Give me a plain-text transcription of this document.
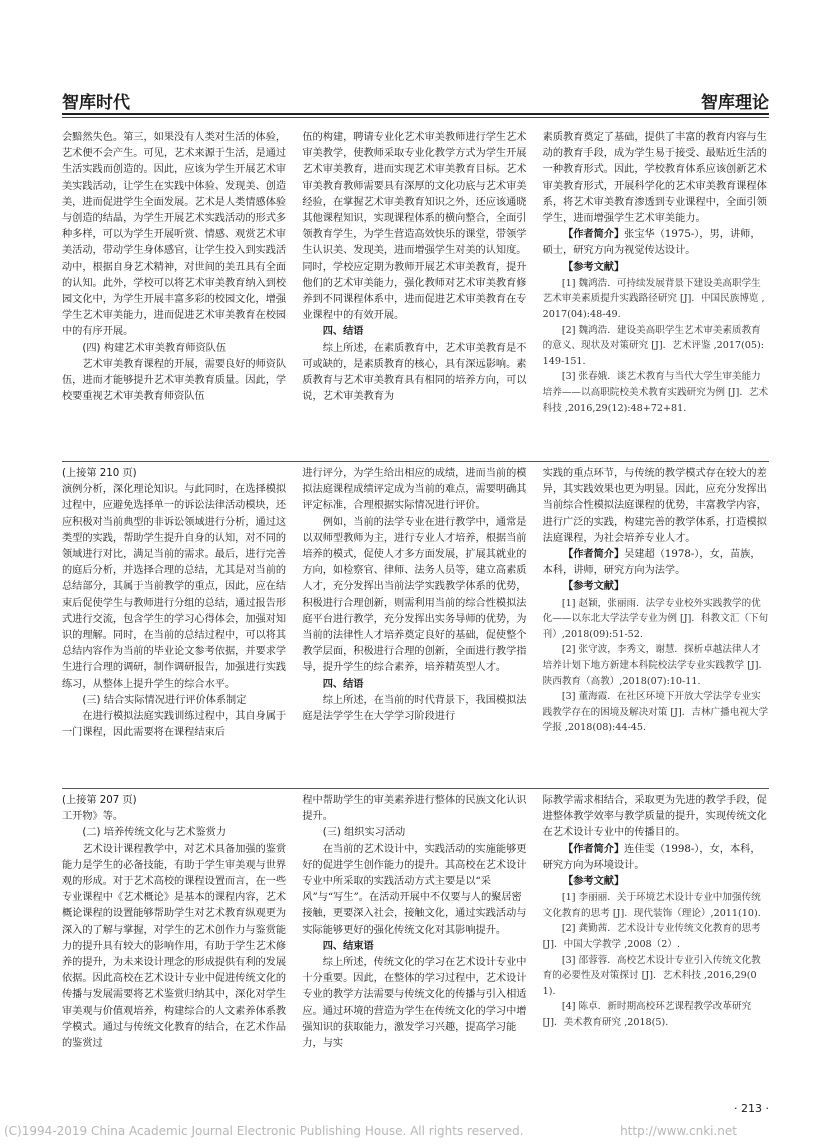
智库时代	智库理论

会黯然失色。第三，如果没有人类对生活的体验，艺术便不会产生。可见，艺术来源于生活，是通过生活实践而创造的。因此，应该为学生开展艺术审美实践活动，让学生在实践中体验、发现美、创造美，进而促进学生全面发展。艺术是人类情感体验与创造的结晶，为学生开展艺术实践活动的形式多种多样，可以为学生开展听赏、情感、观赏艺术审美活动，带动学生身体感官，让学生投入到实践活动中，根据自身艺术精神，对世间的美丑具有全面的认知。此外，学校可以将艺术审美教育纳入到校园文化中，为学生开展丰富多彩的校园文化，增强学生艺术审美能力，进而促进艺术审美教育在校园中的有序开展。

(四) 构建艺术审美教育师资队伍

艺术审美教育课程的开展，需要良好的师资队伍，进而才能够提升艺术审美教育质量。因此，学校要重视艺术审美教育师资队伍

伍的构建，聘请专业化艺术审美教师进行学生艺术审美教学，使教师采取专业化教学方式为学生开展艺术审美教育，进而实现艺术审美教育目标。艺术审美教育教师需要具有深厚的文化功底与艺术审美经验，在掌握艺术审美教育知识之外，还应该通晓其他课程知识，实现课程体系的横向整合，全面引领教育学生，为学生营造高效快乐的课堂，带领学生认识美、发现美，进而增强学生对美的认知度。同时，学校应定期为教师开展艺术审美教育，提升他们的艺术审美能力，强化教师对艺术审美教育修养到不同课程体系中，进而促进艺术审美教育在专业课程中的有效开展。

四、结语

综上所述，在素质教育中，艺术审美教育是不可或缺的，是素质教育的核心，具有深远影响。素质教育与艺术审美教育具有相同的培养方向，可以说，艺术审美教育为

素质教育奠定了基础，提供了丰富的教育内容与生动的教育手段，成为学生易于接受、最贴近生活的一种教育形式。因此，学校教育体系应该创新艺术审美教育形式，开展科学化的艺术审美教育课程体系，将艺术审美教育渗透到专业课程中，全面引领学生，进而增强学生艺术审美能力。

【作者简介】张宝华（1975-），男，讲师，硕士，研究方向为视觉传达设计。

【参考文献】

[1] 魏鸿浩．可持续发展背景下建设美高职学生艺术审美素质提升实践路径研究 [J]．中国民族博览 ,2017(04):48-49.

[2] 魏鸿浩．建设美高职学生艺术审美素质教育的意义、现状及对策研究 [J]．艺术评鉴 ,2017(05):149-151.

[3] 张春娥．谈艺术教育与当代大学生审美能力培养——以高职院校美术教育实践研究为例 [J]．艺术科技 ,2016,29(12):48+72+81.

(上接第 210 页)

演例分析，深化理论知识。与此同时，在选择模拟过程中，应避免选择单一的诉讼法律活动模块，还应积极对当前典型的非诉讼领域进行分析，通过这类型的实践，帮助学生提升自身的认知，对不同的领域进行对比，满足当前的需求。最后，进行完善的庭后分析，并选择合理的总结，尤其是对当前的总结部分，其属于当前教学的重点，因此，应在结束后促使学生与教师进行分组的总结，通过报告形式进行交流，包含学生的学习心得体会，加强对知识的理解。同时，在当前的总结过程中，可以将其总结内容作为当前的毕业论文参考依据，并要求学生进行合理的调研，制作调研报告，加强进行实践练习，从整体上提升学生的综合水平。

(三) 结合实际情况进行评价体系制定

在进行模拟法庭实践训练过程中，其自身属于一门课程，因此需要将在课程结束后

进行评分，为学生给出相应的成绩，进而当前的模拟法庭课程成绩评定成为当前的难点，需要明确其评定标准，合理根据实际情况进行评价。

例如，当前的法学专业在进行教学中，通常是以双师型教师为主，进行专业人才培养，根据当前培养的模式，促使人才多方面发展，扩展其就业的方向，如检察官、律师、法务人员等，建立高素质人才，充分发挥出当前法学实践教学体系的优势，积极进行合理创新，则需利用当前的综合性模拟法庭平台进行教学，充分发挥出实务导师的优势，为当前的法律性人才培养奠定良好的基础，促使整个教学层面，积极进行合理的创新，全面进行教学指导，提升学生的综合素养，培养精英型人才。

四、结语

综上所述，在当前的时代背景下，我国模拟法庭是法学学生在大学学习阶段进行

实践的重点环节，与传统的教学模式存在较大的差异，其实践效果也更为明显。因此，应充分发挥出当前综合性模拟法庭课程的优势，丰富教学内容，进行广泛的实践，构建完善的教学体系，打造模拟法庭课程，为社会培养专业人才。

【作者简介】吴建超（1978-），女，苗族，本科，讲师，研究方向为法学。

【参考文献】

[1] 赵颖，张丽雨．法学专业校外实践教学的优化——以东北大学法学专业为例 [J]．科教文汇（下旬刊）,2018(09):51-52.

[2] 张守波，李秀文，谢慧．探析卓越法律人才培养计划下地方新建本科院校法学专业实践教学 [J]．陕西教育（高教）,2018(07):10-11.

[3] 董海霞．在社区环境下开放大学法学专业实践教学存在的困境及解决对策 [J]．吉林广播电视大学学报 ,2018(08):44-45.

(上接第 207 页)

工开物》等。

(二) 培养传统文化与艺术鉴赏力

艺术设计课程教学中，对艺术具备加强的鉴赏能力是学生的必备技能，有助于学生审美观与世界观的形成。对于艺术高校的课程设置而言，在一些专业课程中《艺术概论》是基本的课程内容，艺术概论课程的设置能够帮助学生对艺术教育纵观更为深入的了解与掌握，对学生的艺术创作力与鉴赏能力的提升具有较大的影响作用，有助于学生艺术修养的提升，为未来设计理念的形成提供有利的发展依据。因此高校在艺术设计专业中促进传统文化的传播与发展需要将艺术鉴赏归纳其中，深化对学生审美观与价值观培养，构建综合的人文素养体系教学模式。通过与传统文化教育的结合，在艺术作品的鉴赏过

程中帮助学生的审美素养进行整体的民族文化认识提升。

(三) 组织实习活动

在当前的艺术设计中，实践活动的实施能够更好的促进学生创作能力的提升。其高校在艺术设计专业中所采取的实践活动方式主要是以“采风”与“写生”。在活动开展中不仅要与人的聚居密接触，更要深入社会，接触文化，通过实践活动与实际能够更好的强化传统文化对其影响提升。

四、结束语

综上所述，传统文化的学习在艺术设计专业中十分重要。因此，在整体的学习过程中，艺术设计专业的教学方法需要与传统文化的传播与引入相适应。通过环境的营造为学生在传统文化的学习中增强知识的获取能力，激发学习兴趣，提高学习能力，与实

际教学需求相结合，采取更为先进的教学手段，促进整体教学效率与教学质量的提升，实现传统文化在艺术设计专业中的传播目的。

【作者简介】连佳雯（1998-），女，本科，研究方向为环境设计。

【参考文献】

[1] 李丽丽．关于环境艺术设计专业中加强传统文化教育的思考 [J]．现代装饰（理论）,2011(10).

[2] 龚勤茜．艺术设计专业传统文化教育的思考 [J]．中国大学教学 ,2008（2）.

[3] 邵蓉蓉．高校艺术设计专业引入传统文化教育的必要性及对策探讨 [J]．艺术科技 ,2016,29(01).

[4] 陈卓．新时期高校环艺课程教学改革研究 [J]．美术教育研究 ,2018(5).

· 213 ·
(C)1994-2019 China Academic Journal Electronic Publishing House. All rights reserved.	http://www.cnki.net
